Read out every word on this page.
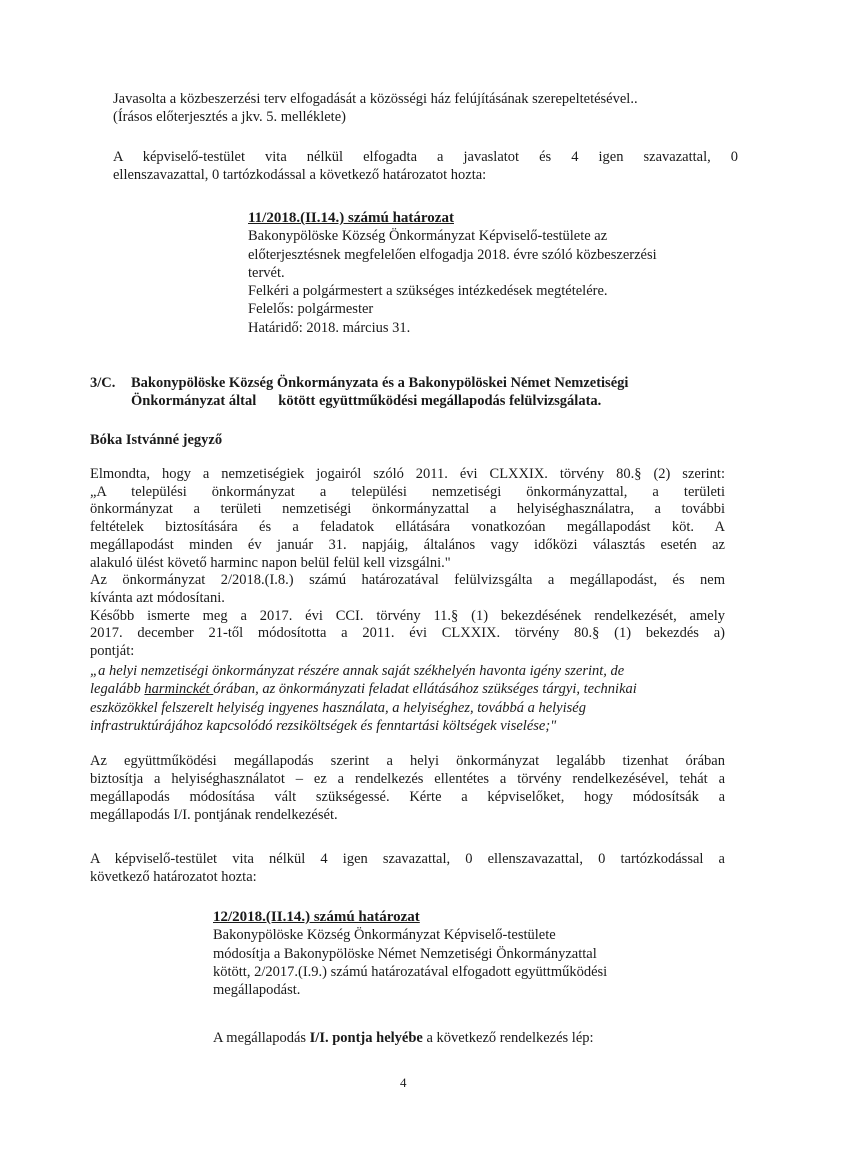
Javasolta a közbeszerzési terv elfogadását a közösségi ház felújításának szerepeltetésével..
(Írásos előterjesztés a jkv. 5. melléklete)
A képviselő-testület vita nélkül elfogadta a javaslatot és 4 igen szavazattal, 0
ellenszavazattal, 0 tartózkodással a következő határozatot hozta:
11/2018.(II.14.) számú határozat
Bakonypölöske Község Önkormányzat Képviselő-testülete az
előterjesztésnek megfelelően elfogadja 2018. évre szóló közbeszerzési
tervét.
Felkéri a polgármestert a szükséges intézkedések megtételére.
Felelős: polgármester
Határidő: 2018. március 31.
3/C. Bakonypölöske Község Önkormányzata és a Bakonypölöskei Német Nemzetiségi
Önkormányzat által kötött együttműködési megállapodás felülvizsgálata.
Bóka Istvánné jegyző
Elmondta, hogy a nemzetiségiek jogairól szóló 2011. évi CLXXIX. törvény 80.§ (2) szerint:
„A települési önkormányzat a települési nemzetiségi önkormányzattal, a területi
önkormányzat a területi nemzetiségi önkormányzattal a helyiséghasználatra, a további
feltételek biztosítására és a feladatok ellátására vonatkozóan megállapodást köt. A
megállapodást minden év január 31. napjáig, általános vagy időközi választás esetén az
alakuló ülést követő harminc napon belül felül kell vizsgálni."
Az önkormányzat 2/2018.(I.8.) számú határozatával felülvizsgálta a megállapodást, és nem
kívánta azt módosítani.
Később ismerte meg a 2017. évi CCI. törvény 11.§ (1) bekezdésének rendelkezését, amely
2017. december 21-től módosította a 2011. évi CLXXIX. törvény 80.§ (1) bekezdés a)
pontját:
„a helyi nemzetiségi önkormányzat részére annak saját székhelyén havonta igény szerint, de
legalább harminckét órában, az önkormányzati feladat ellátásához szükséges tárgyi, technikai
eszközökkel felszerelt helyiség ingyenes használata, a helyiséghez, továbbá a helyiség
infrastruktúrájához kapcsolódó rezsiköltségek és fenntartási költségek viselése;"
Az együttműködési megállapodás szerint a helyi önkormányzat legalább tizenhat órában
biztosítja a helyiséghasználatot – ez a rendelkezés ellentétes a törvény rendelkezésével, tehát a
megállapodás módosítása vált szükségessé. Kérte a képviselőket, hogy módosítsák a
megállapodás I/I. pontjának rendelkezését.
A képviselő-testület vita nélkül 4 igen szavazattal, 0 ellenszavazattal, 0 tartózkodással a
következő határozatot hozta:
12/2018.(II.14.) számú határozat
Bakonypölöske Község Önkormányzat Képviselő-testülete
módosítja a Bakonypölöske Német Nemzetiségi Önkormányzattal
kötött, 2/2017.(I.9.) számú határozatával elfogadott együttműködési
megállapodást.
A megállapodás I/I. pontja helyébe a következő rendelkezés lép:
4
